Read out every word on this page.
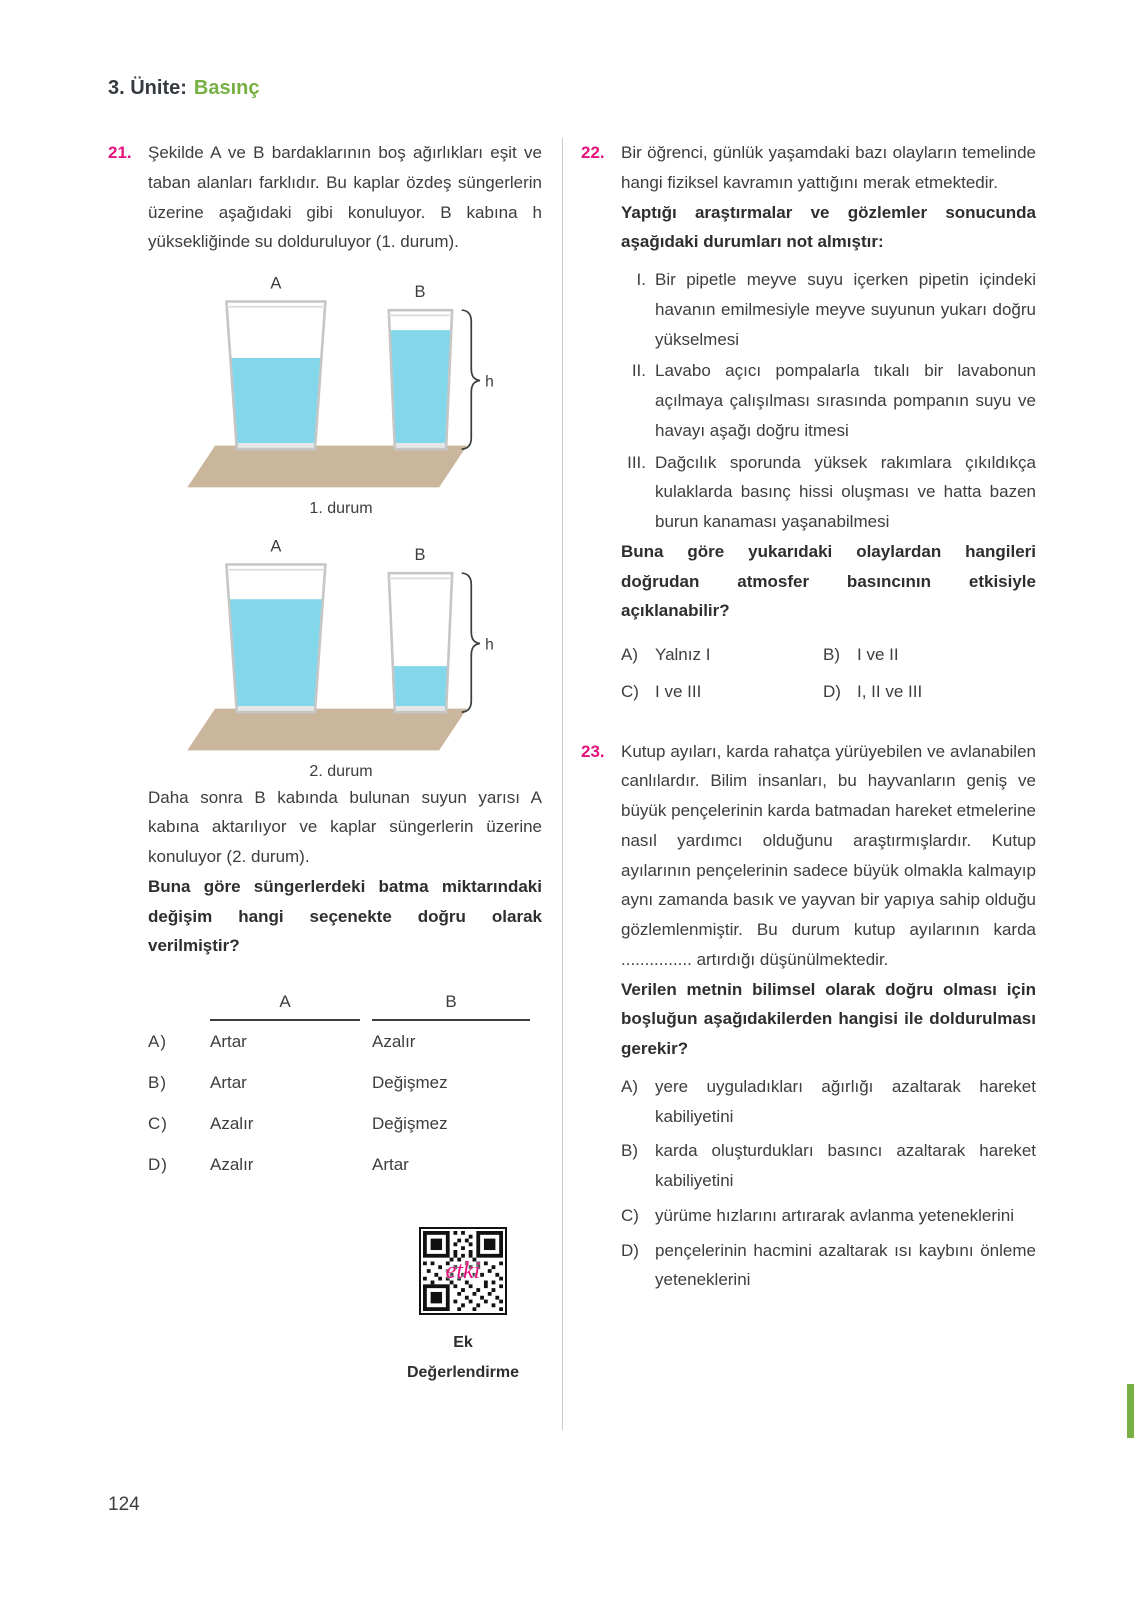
3. Ünite: Basınç
21. Şekilde A ve B bardaklarının boş ağırlıkları eşit ve taban alanları farklıdır. Bu kaplar özdeş süngerlerin üzerine aşağıdaki gibi konuluyor. B kabına h yüksekliğinde su dolduruluyor (1. durum).

h
A	B
1. durum
h
A	B
2. durum

Daha sonra B kabında bulunan suyun yarısı A kabına aktarılıyor ve kaplar süngerlerin üzerine konuluyor (2. durum).

Buna göre süngerlerdeki batma miktarındaki değişim hangi seçenekte doğru olarak verilmiştir?

A	B
A)	Artar	Azalır
B)	Artar	Değişmez
C)	Azalır	Değişmez
D)	Azalır	Artar
etki
Ek
Değerlendirme
22. Bir öğrenci, günlük yaşamdaki bazı olayların temelinde hangi fiziksel kavramın yattığını merak etmektedir.

Yaptığı araştırmalar ve gözlemler sonucunda aşağıdaki durumları not almıştır:

I. Bir pipetle meyve suyu içerken pipetin içindeki havanın emilmesiyle meyve suyunun yukarı doğru yükselmesi
II. Lavabo açıcı pompalarla tıkalı bir lavabonun açılmaya çalışılması sırasında pompanın suyu ve havayı aşağı doğru itmesi
III. Dağcılık sporunda yüksek rakımlara çıkıldıkça kulaklarda basınç hissi oluşması ve hatta bazen burun kanaması yaşanabilmesi

Buna göre yukarıdaki olaylardan hangileri doğrudan atmosfer basıncının etkisiyle açıklanabilir?

A)	Yalnız I	B)	I ve II
C) I ve III	D) I, II ve III
23. Kutup ayıları, karda rahatça yürüyebilen ve avlanabilen canlılardır. Bilim insanları, bu hayvanların geniş ve büyük pençelerinin karda batmadan hareket etmelerine nasıl yardımcı olduğunu araştırmışlardır. Kutup ayılarının pençelerinin sadece büyük olmakla kalmayıp aynı zamanda basık ve yayvan bir yapıya sahip olduğu gözlemlenmiştir. Bu durum kutup ayılarının karda ............... artırdığı düşünülmektedir.

Verilen metnin bilimsel olarak doğru olması için boşluğun aşağıdakilerden hangisi ile doldurulması gerekir?

A)	yere uyguladıkları ağırlığı azaltarak hareket kabiliyetini
B)	karda oluşturdukları basıncı azaltarak hareket kabiliyetini
C) yürüme hızlarını artırarak avlanma yeteneklerini
D) pençelerinin hacmini azaltarak ısı kaybını önleme yeteneklerini
124
